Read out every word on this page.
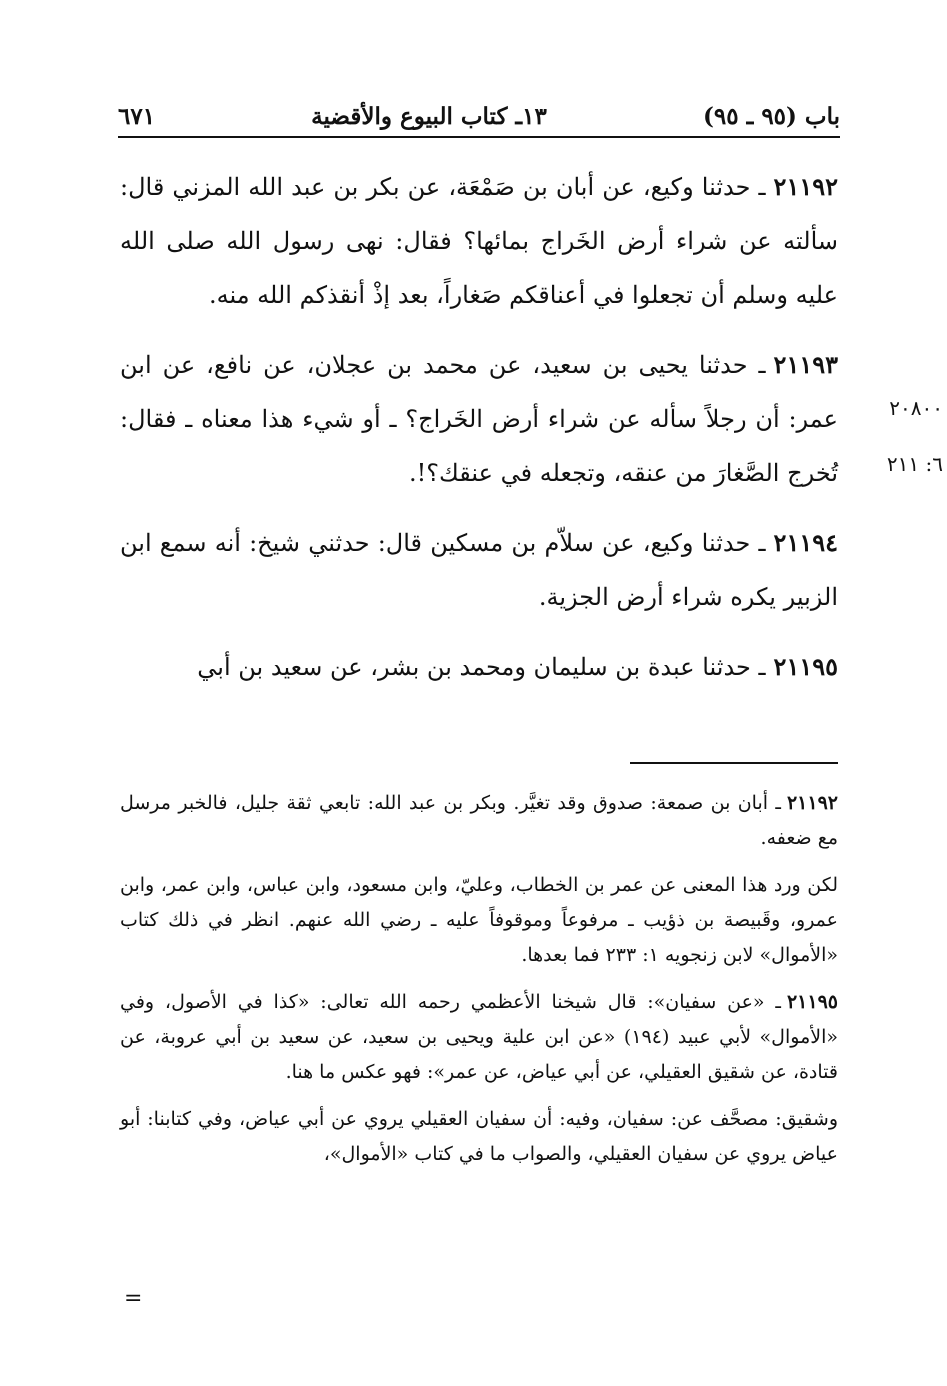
باب (٩٥ ـ ٩٥)
١٣ـ كتاب البيوع والأقضية
٦٧١

٢١١٩٢ـ حدثنا وكيع، عن أبان بن صَمْعَة، عن بكر بن عبد الله المزني قال: سألته عن شراء أرض الخَراج بمائها؟ فقال: نهى رسول الله صلى الله عليه وسلم أن تجعلوا في أعناقكم صَغاراً، بعد إذْ أنقذكم الله منه.

٢١١٩٣ـ حدثنا يحيى بن سعيد، عن محمد بن عجلان، عن نافع، عن ابن عمر: أن رجلاً سأله عن شراء أرض الخَراج؟ ـ أو شيء هذا معناه ـ فقال: تُخرج الصَّغارَ من عنقه، وتجعله في عنقك؟!.

٢١١٩٤ـ حدثنا وكيع، عن سلاّم بن مسكين قال: حدثني شيخ: أنه سمع ابن الزبير يكره شراء أرض الجزية.

٢١١٩٥ـ حدثنا عبدة بن سليمان ومحمد بن بشر، عن سعيد بن أبي

٢٠٨٠٠
٦: ٢١١

٢١١٩٢ـ أبان بن صمعة: صدوق وقد تغيَّر. وبكر بن عبد الله: تابعي ثقة جليل، فالخبر مرسل مع ضعفه.

لكن ورد هذا المعنى عن عمر بن الخطاب، وعليّ، وابن مسعود، وابن عباس، وابن عمر، وابن عمرو، وقَبيصة بن ذؤيب ـ مرفوعاً وموقوفاً عليه ـ رضي الله عنهم. انظر في ذلك كتاب «الأموال» لابن زنجويه ١: ٢٣٣ فما بعدها.

٢١١٩٥ـ «عن سفيان»: قال شيخنا الأعظمي رحمه الله تعالى: «كذا في الأصول، وفي «الأموال» لأبي عبيد (١٩٤) «عن ابن علية ويحيى بن سعيد، عن سعيد بن أبي عروبة، عن قتادة، عن شقيق العقيلي، عن أبي عياض، عن عمر»: فهو عكس ما هنا.

وشقيق: مصحَّف عن: سفيان، وفيه: أن سفيان العقيلي يروي عن أبي عياض، وفي كتابنا: أبو عياض يروي عن سفيان العقيلي، والصواب ما في كتاب «الأموال»،

=
